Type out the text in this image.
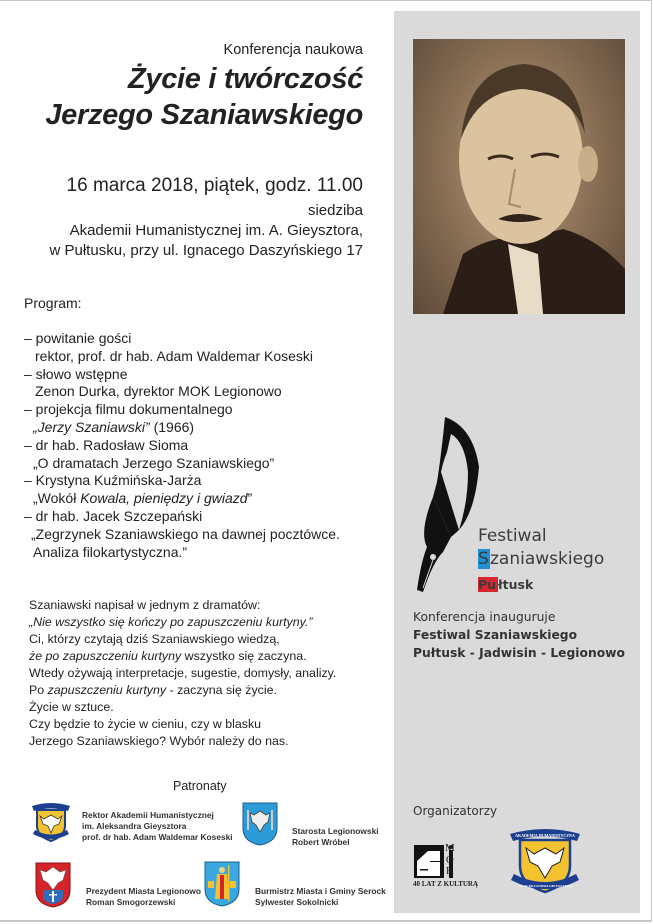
Konferencja naukowa
Życie i twórczość
Jerzego Szaniawskiego
16 marca 2018, piątek, godz. 11.00
siedziba
Akademii Humanistycznej im. A. Gieysztora,
w Pułtusku, przy ul. Ignacego Daszyńskiego 17
Program:
– powitanie gości
rektor, prof. dr hab. Adam Waldemar Koseski
– słowo wstępne
Zenon Durka, dyrektor MOK Legionowo
– projekcja filmu dokumentalnego
„Jerzy Szaniawski” (1966)
– dr hab. Radosław Sioma
„O dramatach Jerzego Szaniawskiego”
– Krystyna Kuźmińska-Jarża
„Wokół Kowala, pieniędzy i gwiazd”
– dr hab. Jacek Szczepański
„Zegrzynek Szaniawskiego na dawnej pocztówce.
Analiza filokartystyczna.”
Szaniawski napisał w jednym z dramatów:
„Nie wszystko się kończy po zapuszczeniu kurtyny.”
Ci, którzy czytają dziś Szaniawskiego wiedzą,
że po zapuszczeniu kurtyny wszystko się zaczyna.
Wtedy ożywają interpretacje, sugestie, domysły, analizy.
Po zapuszczeniu kurtyny - zaczyna się życie.
Życie w sztuce.
Czy będzie to życie w cieniu, czy w blasku
Jerzego Szaniawskiego? Wybór należy do nas.
Patronaty
Rektor Akademii Humanistycznej
im. Aleksandra Gieysztora
prof. dr hab. Adam Waldemar Koseski
Starosta Legionowski
Robert Wróbel
Prezydent Miasta Legionowo
Roman Smogorzewski
Burmistrz Miasta i Gminy Serock
Sylwester Sokolnicki
Festiwal
Szaniawskiego
Pu łtusk
Konferencja inauguruje
Festiwal Szaniawskiego
Pułtusk - Jadwisin - Legionowo
Organizatorzy
M
O
K
40 LAT Z KULTURĄ
AKADEMIA HUMANISTYCZNA
IM. ALEKSANDRA GIEYSZTORA
